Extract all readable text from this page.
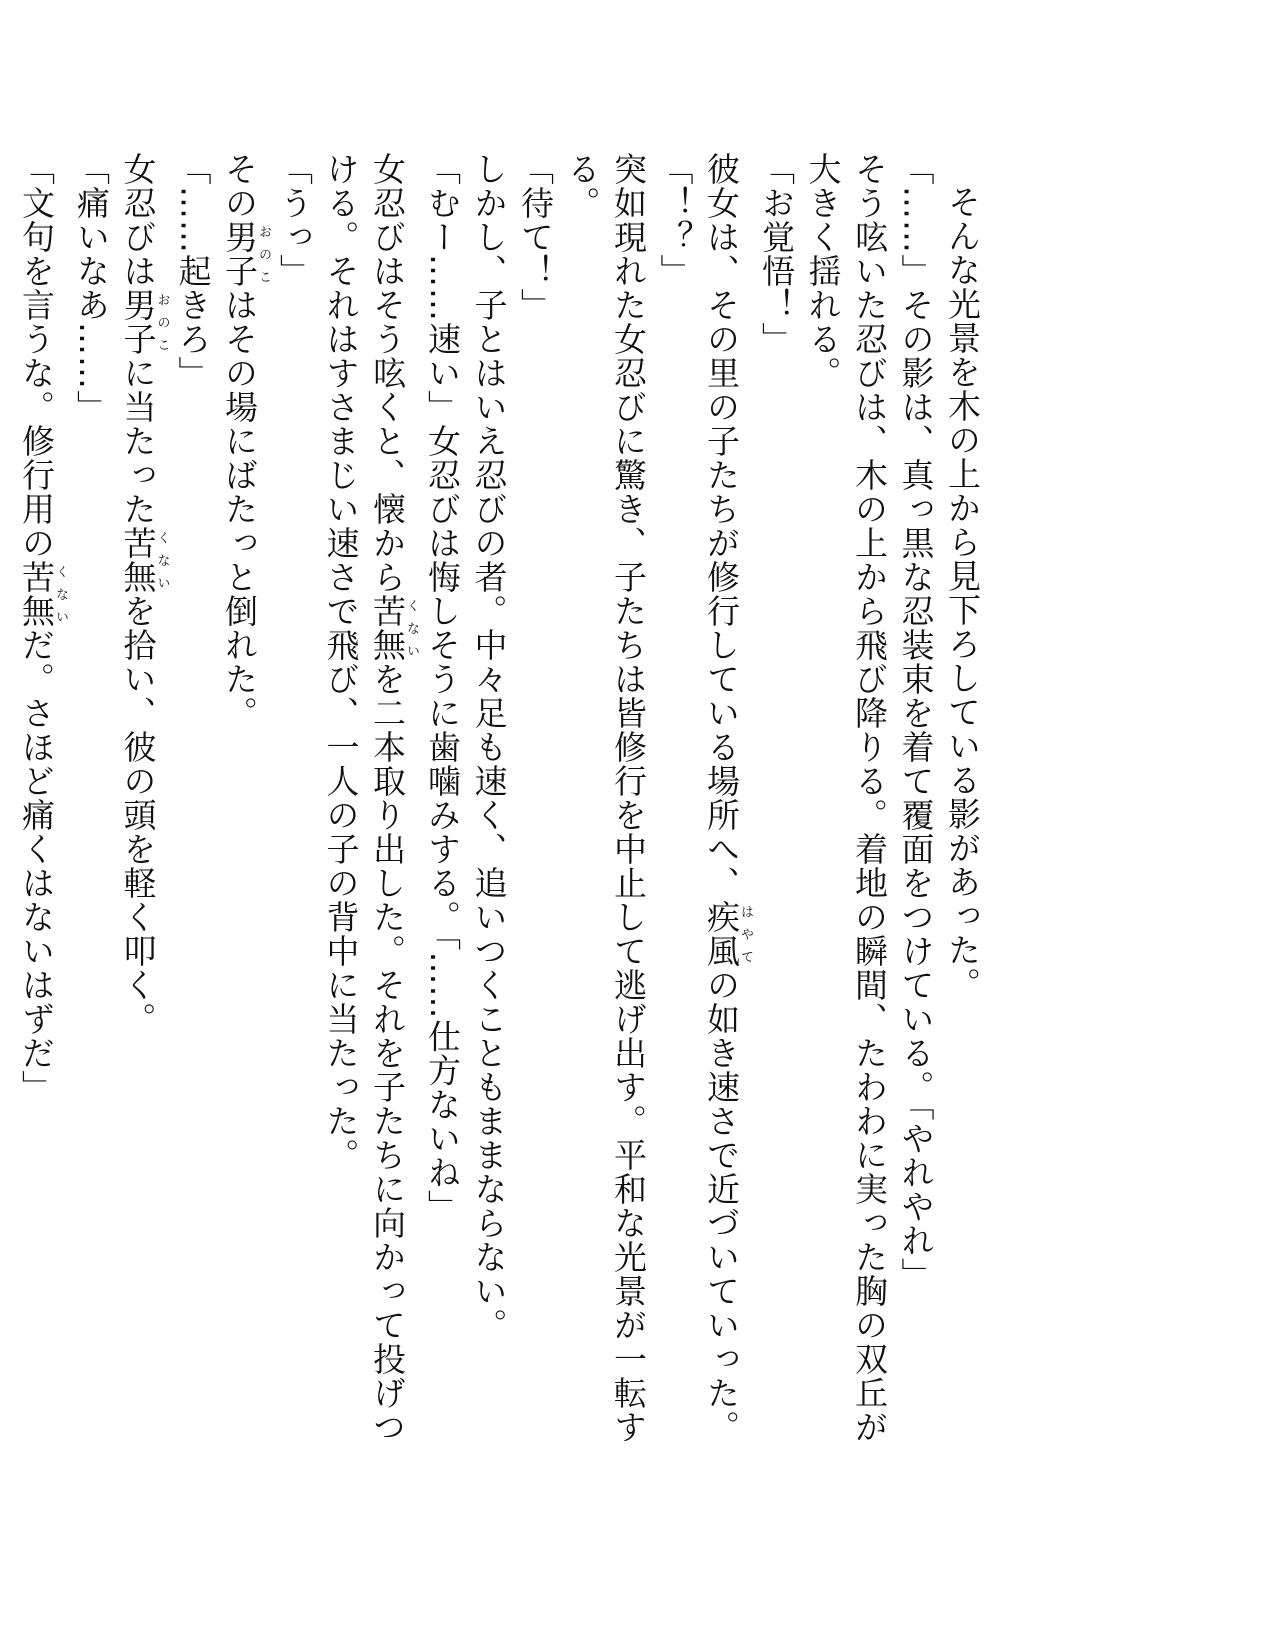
そんな光景を木の上から見下ろしている影があった。

「……」その影は、真っ黒な忍装束を着て覆面をつけている。「やれやれ」

そう呟いた忍びは、木の上から飛び降りる。着地の瞬間、たわわに実った胸の双丘が大きく揺れる。

「お覚悟！」

彼女は、その里の子たちが修行している場所へ、疾風はやての如き速さで近づいていった。

「！？」

突如現れた女忍びに驚き、子たちは皆修行を中止して逃げ出す。平和な光景が一転する。

「待て！」

しかし、子とはいえ忍びの者。中々足も速く、追いつくこともままならない。

「むー……速い」女忍びは悔しそうに歯噛みする。「……仕方ないね」

女忍びはそう呟くと、懐から苦無くないを二本取り出した。それを子たちに向かって投げつける。それはすさまじい速さで飛び、一人の子の背中に当たった。

「うっ」

その男子おのこはその場にばたっと倒れた。

「……起きろ」

女忍びは男子おのこに当たった苦無くないを拾い、彼の頭を軽く叩く。

「痛いなあ……」

「文句を言うな。修行用の苦無くないだ。さほど痛くはないはずだ」
